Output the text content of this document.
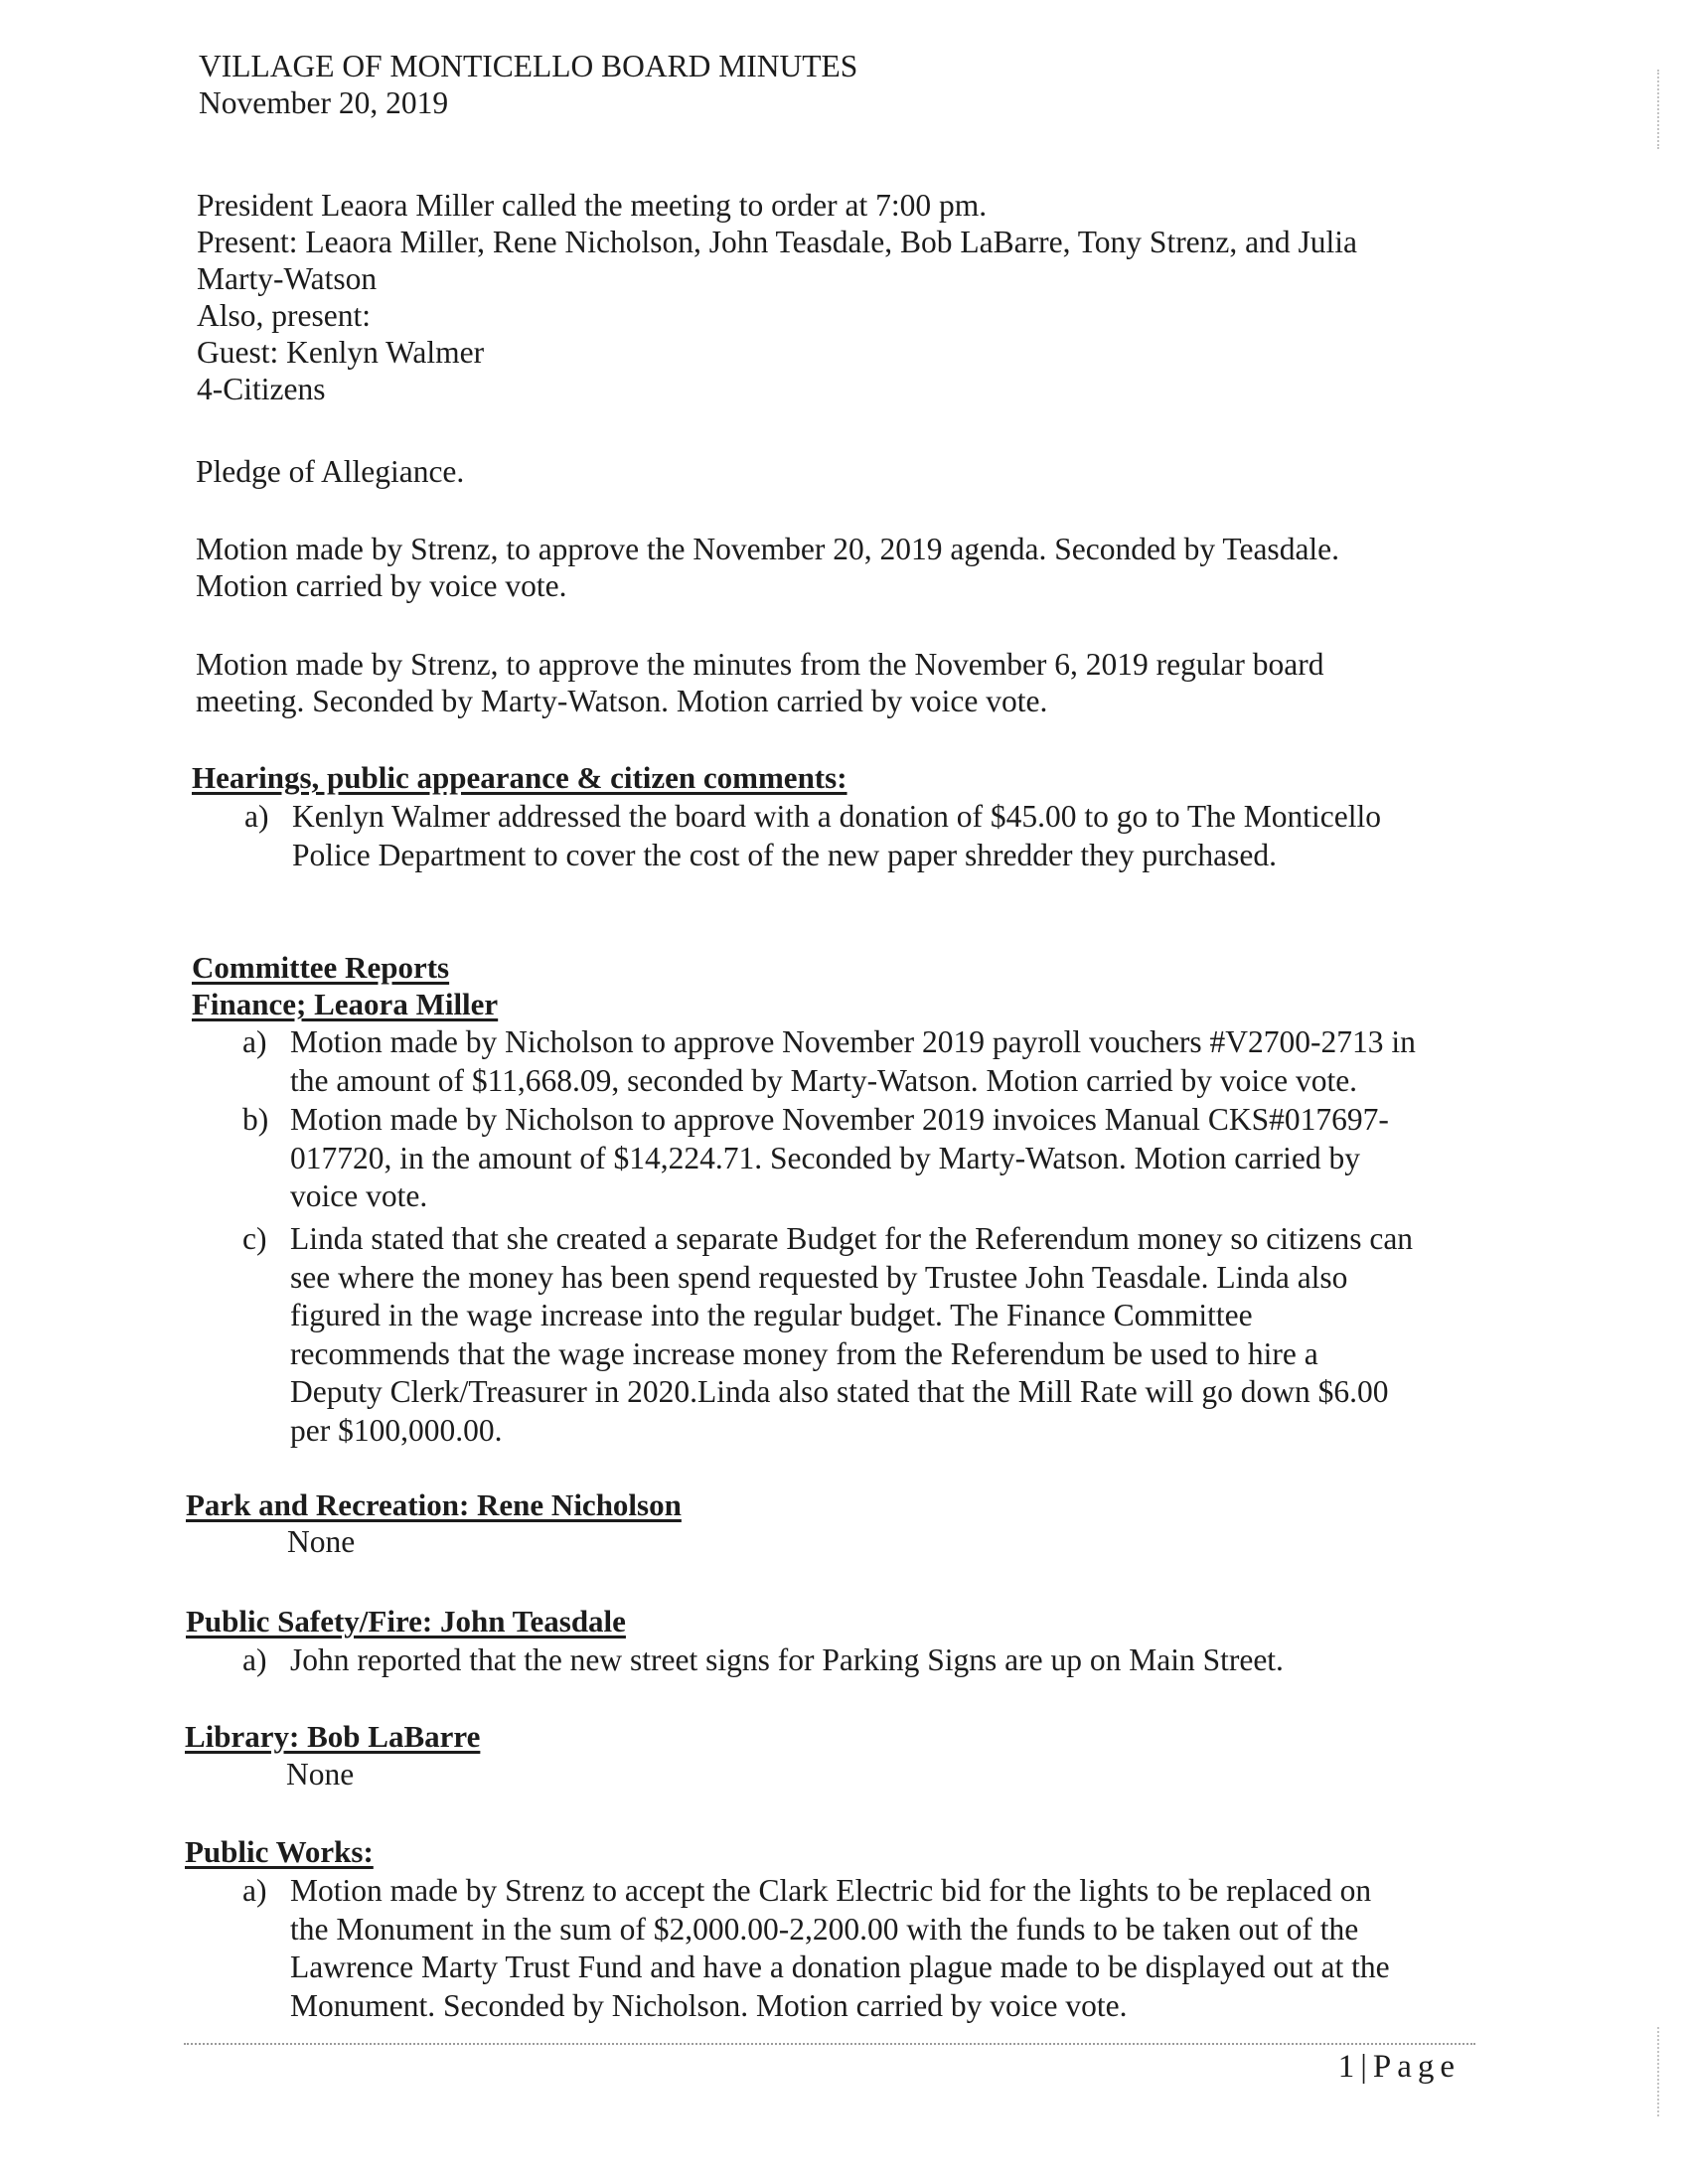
VILLAGE OF MONTICELLO BOARD MINUTES
November 20, 2019
President Leaora Miller called the meeting to order at 7:00 pm.
Present: Leaora Miller, Rene Nicholson, John Teasdale, Bob LaBarre, Tony Strenz, and Julia
Marty-Watson
Also, present:
Guest: Kenlyn Walmer
4-Citizens
Pledge of Allegiance.
Motion made by Strenz, to approve the November 20, 2019 agenda. Seconded by Teasdale.
Motion carried by voice vote.
Motion made by Strenz, to approve the minutes from the November 6, 2019 regular board
meeting. Seconded by Marty-Watson. Motion carried by voice vote.
Hearings, public appearance & citizen comments:
a) Kenlyn Walmer addressed the board with a donation of $45.00 to go to The Monticello
Police Department to cover the cost of the new paper shredder they purchased.
Committee Reports
Finance; Leaora Miller
a) Motion made by Nicholson to approve November 2019 payroll vouchers #V2700-2713 in
the amount of $11,668.09, seconded by Marty-Watson. Motion carried by voice vote.
b) Motion made by Nicholson to approve November 2019 invoices Manual CKS#017697-
017720, in the amount of $14,224.71. Seconded by Marty-Watson. Motion carried by
voice vote.
c) Linda stated that she created a separate Budget for the Referendum money so citizens can
see where the money has been spend requested by Trustee John Teasdale. Linda also
figured in the wage increase into the regular budget. The Finance Committee
recommends that the wage increase money from the Referendum be used to hire a
Deputy Clerk/Treasurer in 2020.Linda also stated that the Mill Rate will go down $6.00
per $100,000.00.
Park and Recreation: Rene Nicholson
None
Public Safety/Fire: John Teasdale
a) John reported that the new street signs for Parking Signs are up on Main Street.
Library: Bob LaBarre
None
Public Works:
a) Motion made by Strenz to accept the Clark Electric bid for the lights to be replaced on
the Monument in the sum of $2,000.00-2,200.00 with the funds to be taken out of the
Lawrence Marty Trust Fund and have a donation plague made to be displayed out at the
Monument. Seconded by Nicholson. Motion carried by voice vote.
1|Page
